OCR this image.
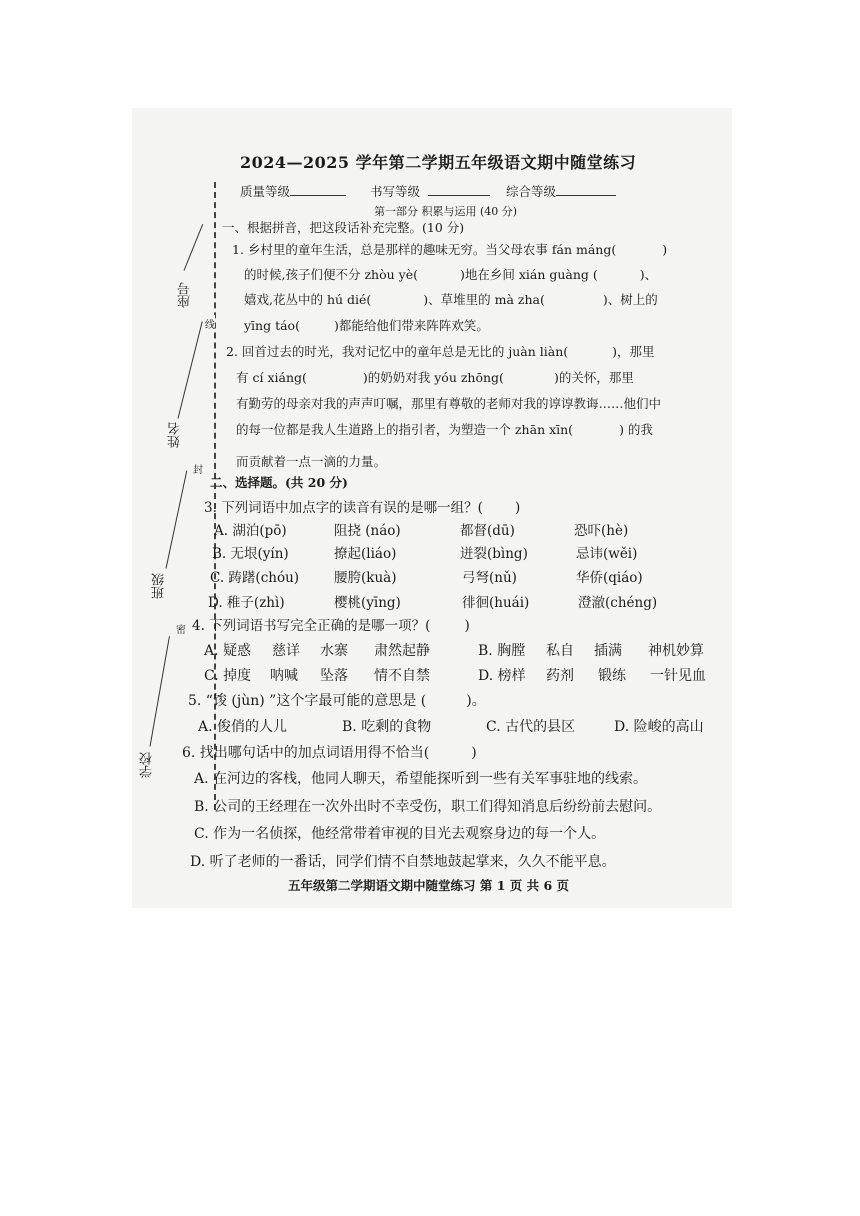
2024—2025 学年第二学期五年级语文期中随堂练习
质量等级	书写等级	综合等级
第一部分 积累与运用 (40 分)
线
封
密
座号
姓名
班级
学校
一、根据拼音，把这段话补充完整。(10 分)
1. 乡村里的童年生活，总是那样的趣味无穷。当父母农事 fán máng(	)
的时候,孩子们便不分 zhòu yè(	)地在乡间 xián guàng (	)、
嬉戏,花丛中的 hú dié(	)、草堆里的 mà zha(	)、树上的
yīng táo(	)都能给他们带来阵阵欢笑。
2. 回首过去的时光，我对记忆中的童年总是无比的 juàn liàn(	)，那里
有 cí xiáng(	)的奶奶对我 yóu zhōng(	)的关怀，那里
有勤劳的母亲对我的声声叮嘱，那里有尊敬的老师对我的谆谆教诲……他们中
的每一位都是我人生道路上的指引者，为塑造一个 zhān xīn(	) 的我
而贡献着一点一滴的力量。
二、选择题。(共 20 分)
3. 下列词语中加点字的读音有误的是哪一组？( )
A. 湖泊(pō)	阻挠 (náo)	都督(dū)	恐吓(hè)
B. 无垠(yín)	撩起(liáo)	迸裂(bìng)	忌讳(wěi)
C. 踌躇(chóu)	腰胯(kuà)	弓弩(nǔ)	华侨(qiáo)
D. 稚子(zhì)	樱桃(yīng)	徘徊(huái)	澄澈(chéng)
4. 下列词语书写完全正确的是哪一项？(	)
A. 疑惑 慈详 水寨 肃然起静	B. 胸膛 私自 插满 神机妙算
C. 掉度 呐喊 坠落 情不自禁	D. 榜样 药剂 锻练 一针见血
5. “馂 (jùn) ”这个字最可能的意思是 (	)。
A. 俊俏的人儿	B. 吃剩的食物	C. 古代的县区	D. 险峻的高山
6. 找出哪句话中的加点词语用得不恰当(	)
A. 在河边的客栈，他同人聊天，希望能探听到一些有关军事驻地的线索。
B. 公司的王经理在一次外出时不幸受伤，职工们得知消息后纷纷前去慰问。
C. 作为一名侦探，他经常带着审视的目光去观察身边的每一个人。
D. 听了老师的一番话，同学们情不自禁地鼓起掌来，久久不能平息。
五年级第二学期语文期中随堂练习 第 1 页 共 6 页
